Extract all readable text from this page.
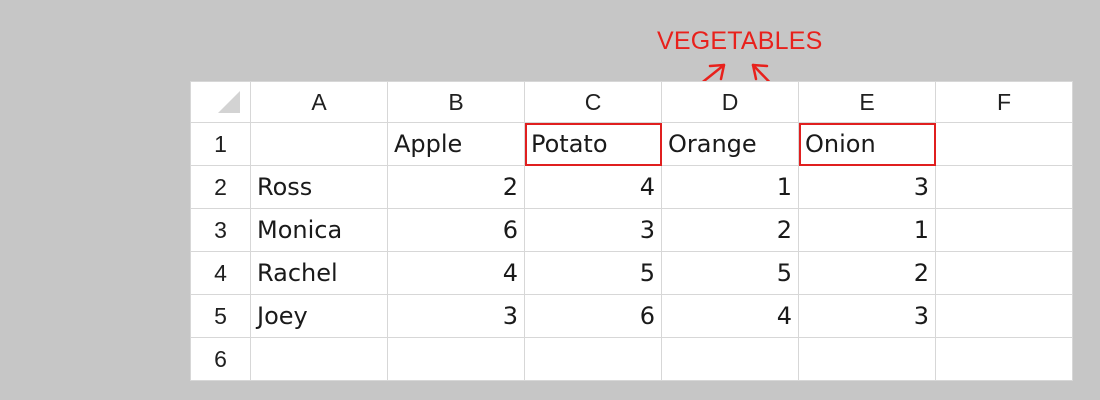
VEGETABLES
	A	B	C	D	E	F
1		Apple	Potato	Orange	Onion	
2	Ross	2	4	1	3	
3	Monica	6	3	2	1	
4	Rachel	4	5	5	2	
5	Joey	3	6	4	3	
6						
